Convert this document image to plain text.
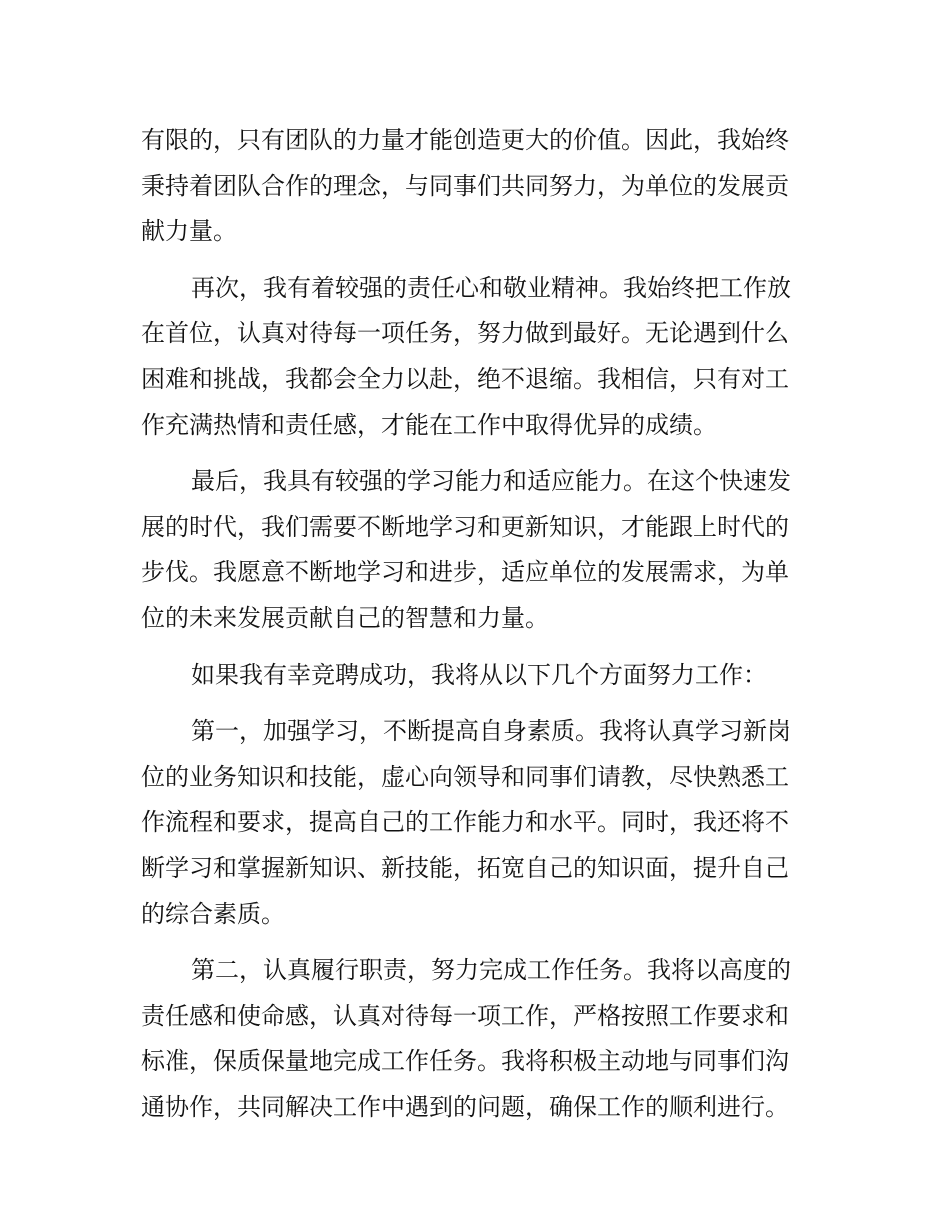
有限的，只有团队的力量才能创造更大的价值。因此，我始终
秉持着团队合作的理念，与同事们共同努力，为单位的发展贡
献力量。
再次，我有着较强的责任心和敬业精神。我始终把工作放
在首位，认真对待每一项任务，努力做到最好。无论遇到什么
困难和挑战，我都会全力以赴，绝不退缩。我相信，只有对工
作充满热情和责任感，才能在工作中取得优异的成绩。
最后，我具有较强的学习能力和适应能力。在这个快速发
展的时代，我们需要不断地学习和更新知识，才能跟上时代的
步伐。我愿意不断地学习和进步，适应单位的发展需求，为单
位的未来发展贡献自己的智慧和力量。
如果我有幸竞聘成功，我将从以下几个方面努力工作：
第一，加强学习，不断提高自身素质。我将认真学习新岗
位的业务知识和技能，虚心向领导和同事们请教，尽快熟悉工
作流程和要求，提高自己的工作能力和水平。同时，我还将不
断学习和掌握新知识、新技能，拓宽自己的知识面，提升自己
的综合素质。
第二，认真履行职责，努力完成工作任务。我将以高度的
责任感和使命感，认真对待每一项工作，严格按照工作要求和
标准，保质保量地完成工作任务。我将积极主动地与同事们沟
通协作，共同解决工作中遇到的问题，确保工作的顺利进行。
